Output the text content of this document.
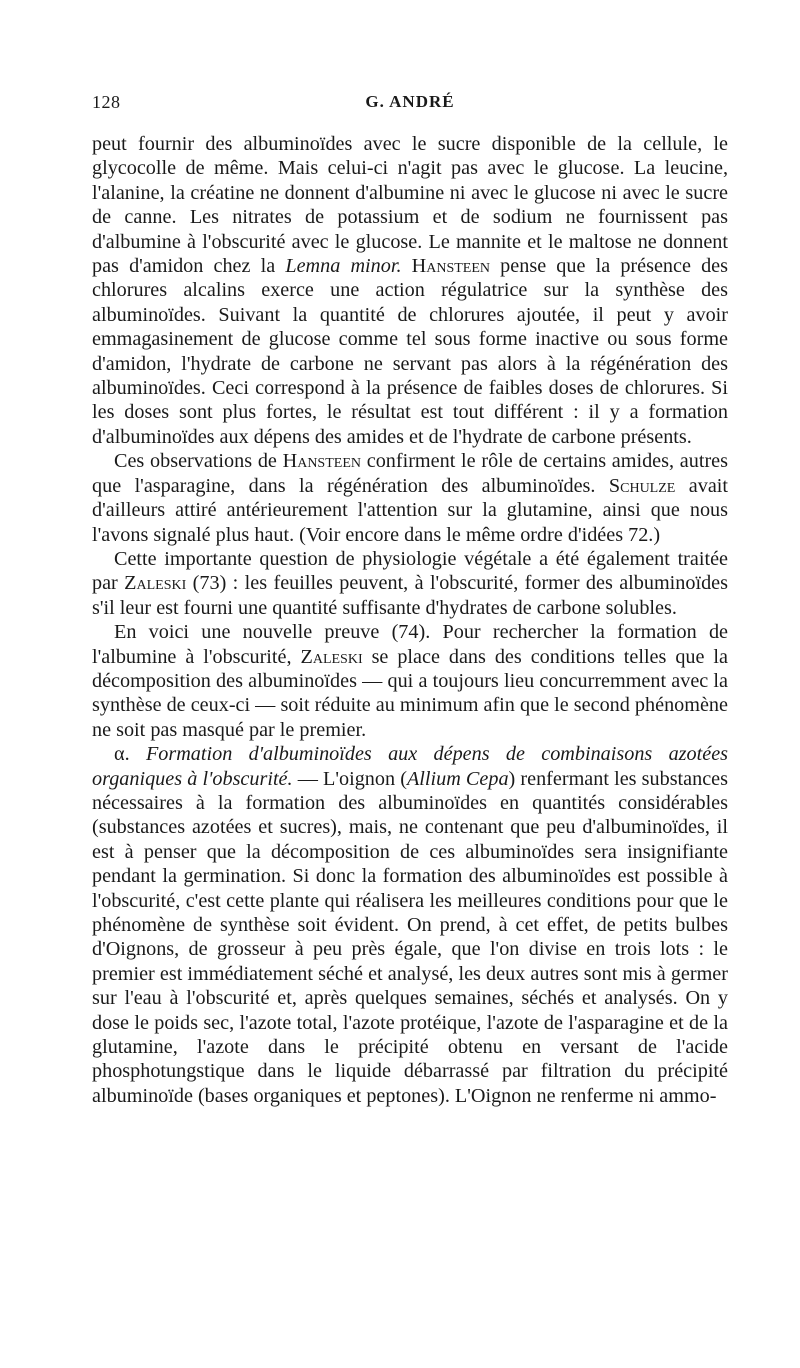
128	G. ANDRÉ

peut fournir des albuminoïdes avec le sucre disponible de la cellule, le glycocolle de même. Mais celui-ci n'agit pas avec le glucose. La leucine, l'alanine, la créatine ne donnent d'albumine ni avec le glucose ni avec le sucre de canne. Les nitrates de potassium et de sodium ne fournissent pas d'albumine à l'obscurité avec le glucose. Le mannite et le maltose ne donnent pas d'amidon chez la Lemna minor. Hansteen pense que la présence des chlorures alcalins exerce une action régulatrice sur la synthèse des albuminoïdes. Suivant la quantité de chlorures ajoutée, il peut y avoir emmagasinement de glucose comme tel sous forme inactive ou sous forme d'amidon, l'hydrate de carbone ne servant pas alors à la régénération des albuminoïdes. Ceci correspond à la présence de faibles doses de chlorures. Si les doses sont plus fortes, le résultat est tout différent : il y a formation d'albuminoïdes aux dépens des amides et de l'hydrate de carbone présents.

Ces observations de Hansteen confirment le rôle de certains amides, autres que l'asparagine, dans la régénération des albuminoïdes. Schulze avait d'ailleurs attiré antérieurement l'attention sur la glutamine, ainsi que nous l'avons signalé plus haut. (Voir encore dans le même ordre d'idées 72.)

Cette importante question de physiologie végétale a été également traitée par Zaleski (73) : les feuilles peuvent, à l'obscurité, former des albuminoïdes s'il leur est fourni une quantité suffisante d'hydrates de carbone solubles.

En voici une nouvelle preuve (74). Pour rechercher la formation de l'albumine à l'obscurité, Zaleski se place dans des conditions telles que la décomposition des albuminoïdes — qui a toujours lieu concurremment avec la synthèse de ceux-ci — soit réduite au minimum afin que le second phénomène ne soit pas masqué par le premier.

α. Formation d'albuminoïdes aux dépens de combinaisons azotées organiques à l'obscurité. — L'oignon (Allium Cepa) renfermant les substances nécessaires à la formation des albuminoïdes en quantités considérables (substances azotées et sucres), mais, ne contenant que peu d'albuminoïdes, il est à penser que la décomposition de ces albuminoïdes sera insignifiante pendant la germination. Si donc la formation des albuminoïdes est possible à l'obscurité, c'est cette plante qui réalisera les meilleures conditions pour que le phénomène de synthèse soit évident. On prend, à cet effet, de petits bulbes d'Oignons, de grosseur à peu près égale, que l'on divise en trois lots : le premier est immédiatement séché et analysé, les deux autres sont mis à germer sur l'eau à l'obscurité et, après quelques semaines, séchés et analysés. On y dose le poids sec, l'azote total, l'azote protéique, l'azote de l'asparagine et de la glutamine, l'azote dans le précipité obtenu en versant de l'acide phosphotungstique dans le liquide débarrassé par filtration du précipité albuminoïde (bases organiques et peptones). L'Oignon ne renferme ni ammo-
